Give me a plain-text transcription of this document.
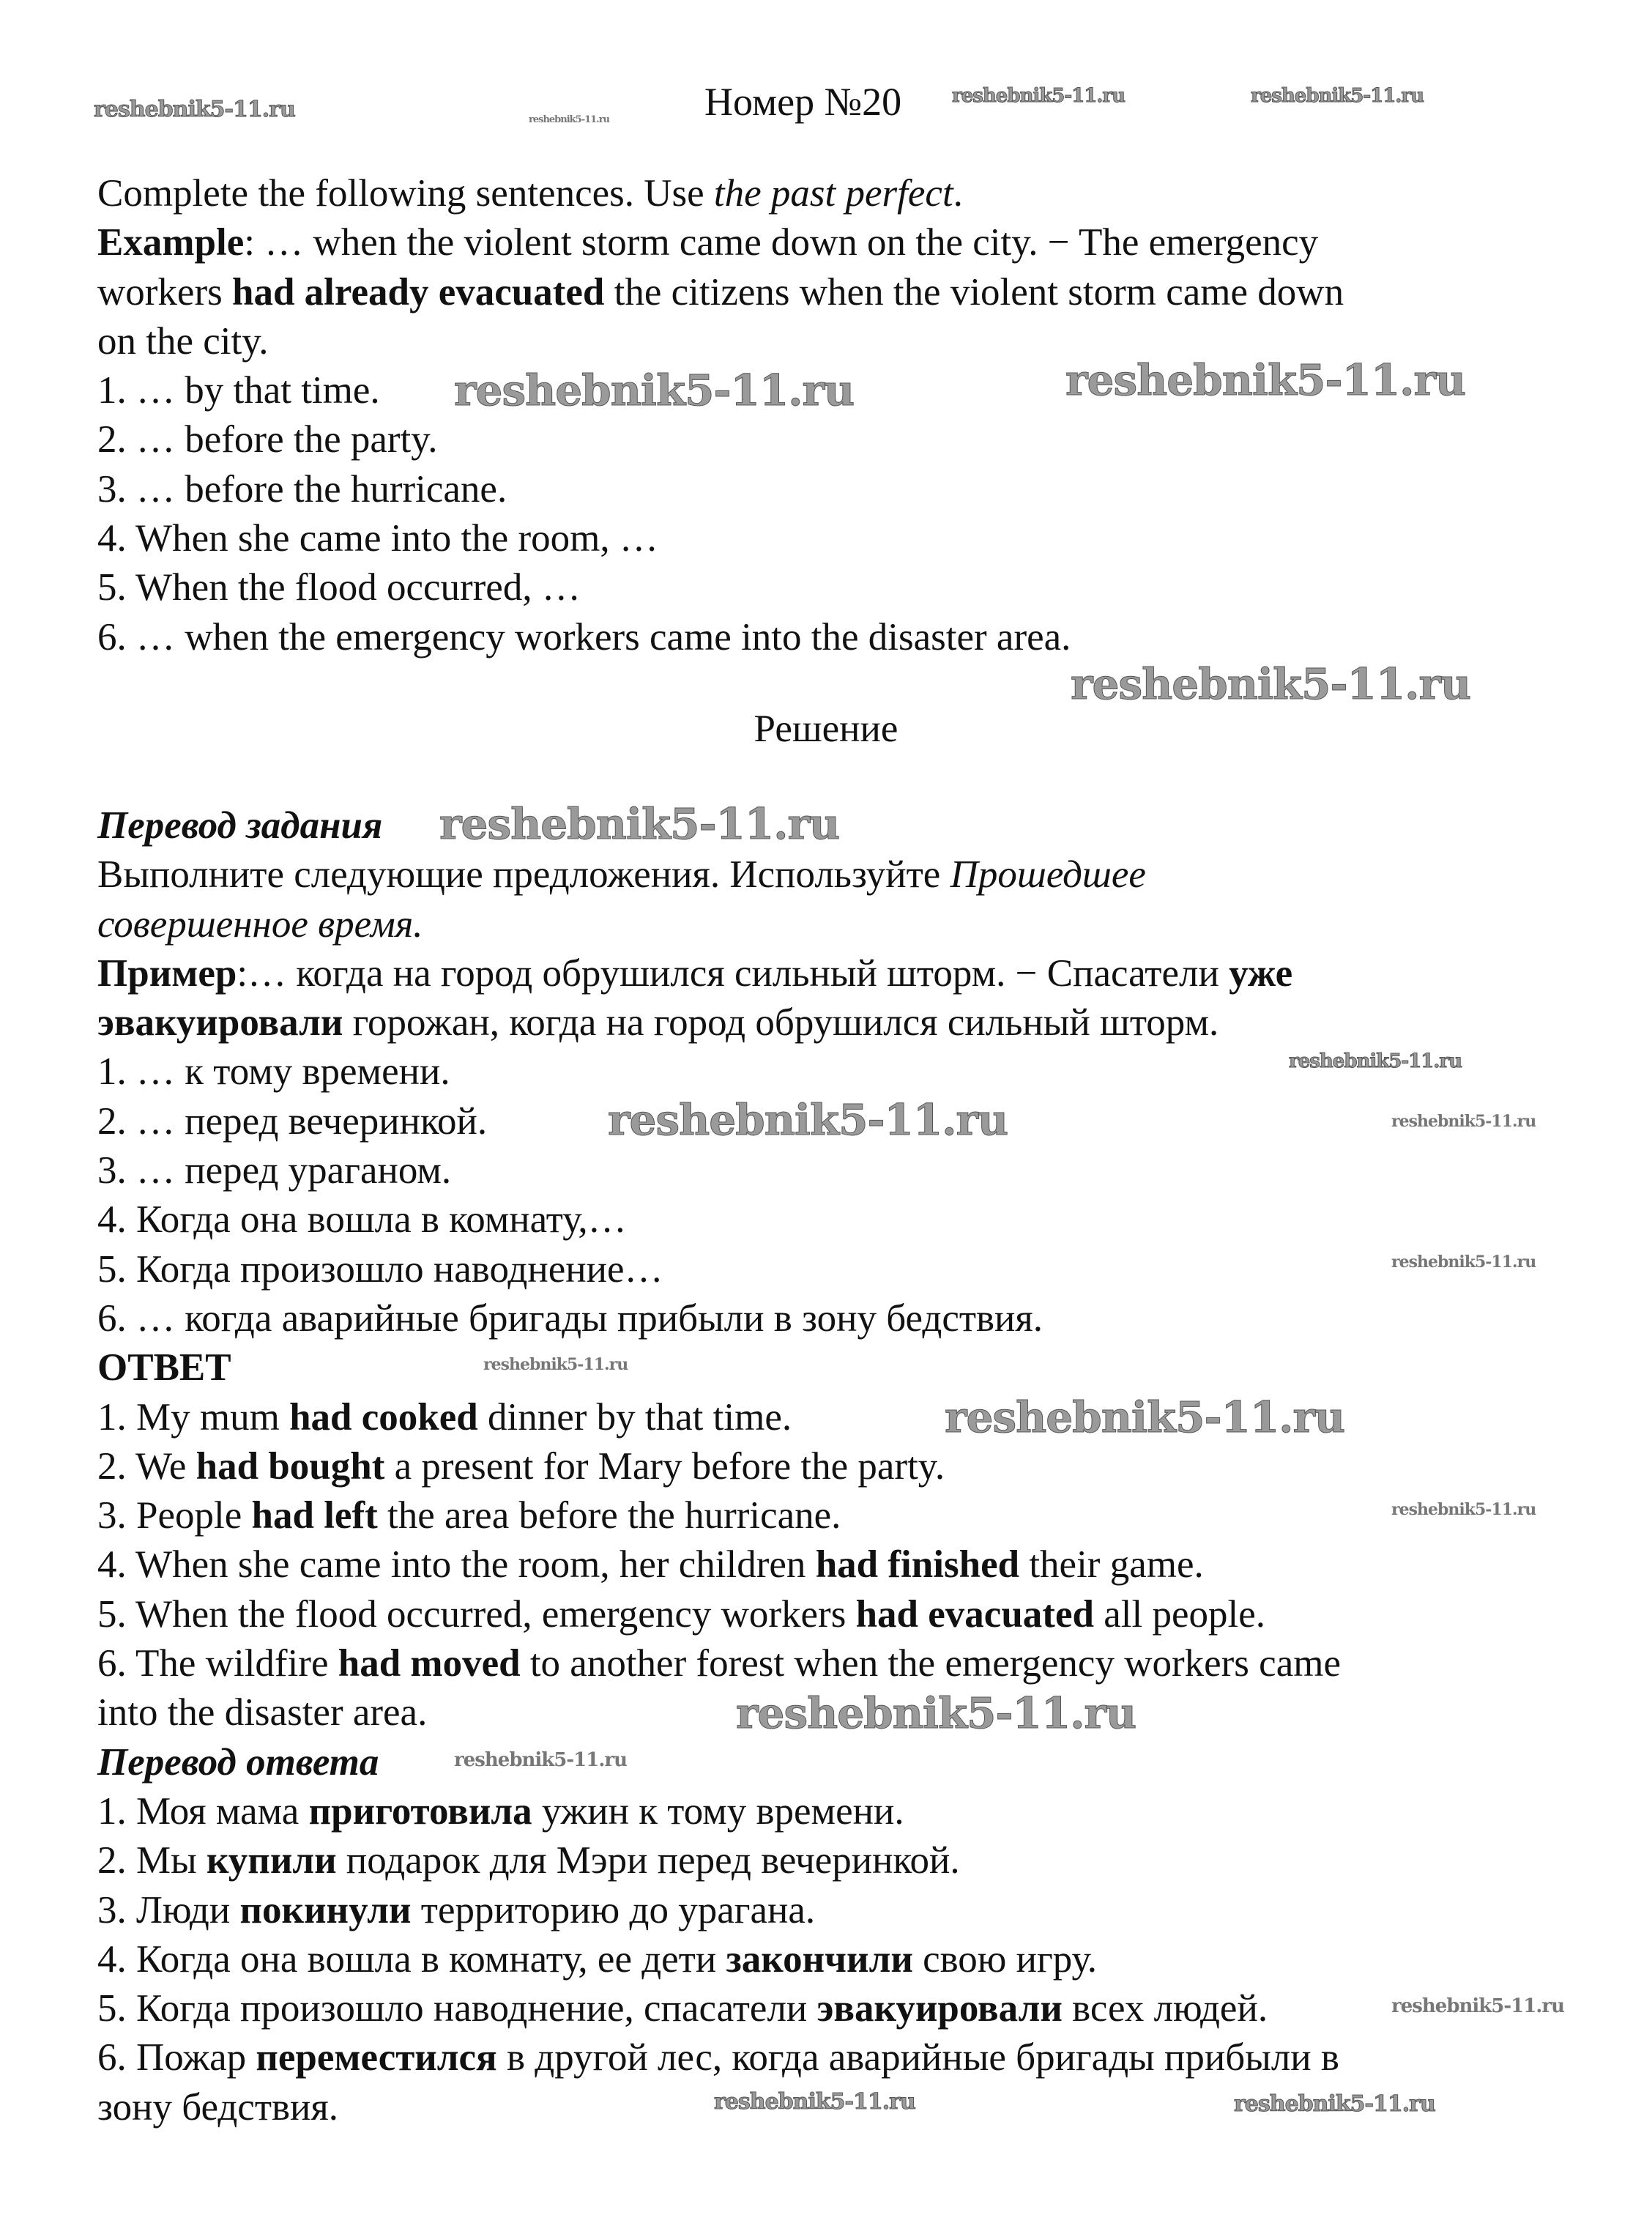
Номер №20
Complete the following sentences. Use the past perfect.
Example: … when the violent storm came down on the city. − The emergency
workers had already evacuated the citizens when the violent storm came down
on the city.
1. … by that time.
2. … before the party.
3. … before the hurricane.
4. When she came into the room, …
5. When the flood occurred, …
6. … when the emergency workers came into the disaster area.
Решение
Перевод задания
Выполните следующие предложения. Используйте Прошедшее
совершенное время.
Пример:… когда на город обрушился сильный шторм. − Спасатели уже
эвакуировали горожан, когда на город обрушился сильный шторм.
1. … к тому времени.
2. … перед вечеринкой.
3. … перед ураганом.
4. Когда она вошла в комнату,…
5. Когда произошло наводнение…
6. … когда аварийные бригады прибыли в зону бедствия.
ОТВЕТ
1. My mum had cooked dinner by that time.
2. We had bought a present for Mary before the party.
3. People had left the area before the hurricane.
4. When she came into the room, her children had finished their game.
5. When the flood occurred, emergency workers had evacuated all people.
6. The wildfire had moved to another forest when the emergency workers came
into the disaster area.
Перевод ответа
1. Моя мама приготовила ужин к тому времени.
2. Мы купили подарок для Мэри перед вечеринкой.
3. Люди покинули территорию до урагана.
4. Когда она вошла в комнату, ее дети закончили свою игру.
5. Когда произошло наводнение, спасатели эвакуировали всех людей.
6. Пожар переместился в другой лес, когда аварийные бригады прибыли в
зону бедствия.
reshebnik5-11.ru	reshebnik5-11.ru
reshebnik5-11.ru	reshebnik5-11.ru
reshebnik5-11.ru	reshebnik5-11.ru
reshebnik5-11.ru
reshebnik5-11.ru
reshebnik5-11.ru
reshebnik5-11.ru	reshebnik5-11.ru
reshebnik5-11.ru
reshebnik5-11.ru
reshebnik5-11.ru
reshebnik5-11.ru
reshebnik5-11.ru
reshebnik5-11.ru
reshebnik5-11.ru
reshebnik5-11.ru	reshebnik5-11.ru
